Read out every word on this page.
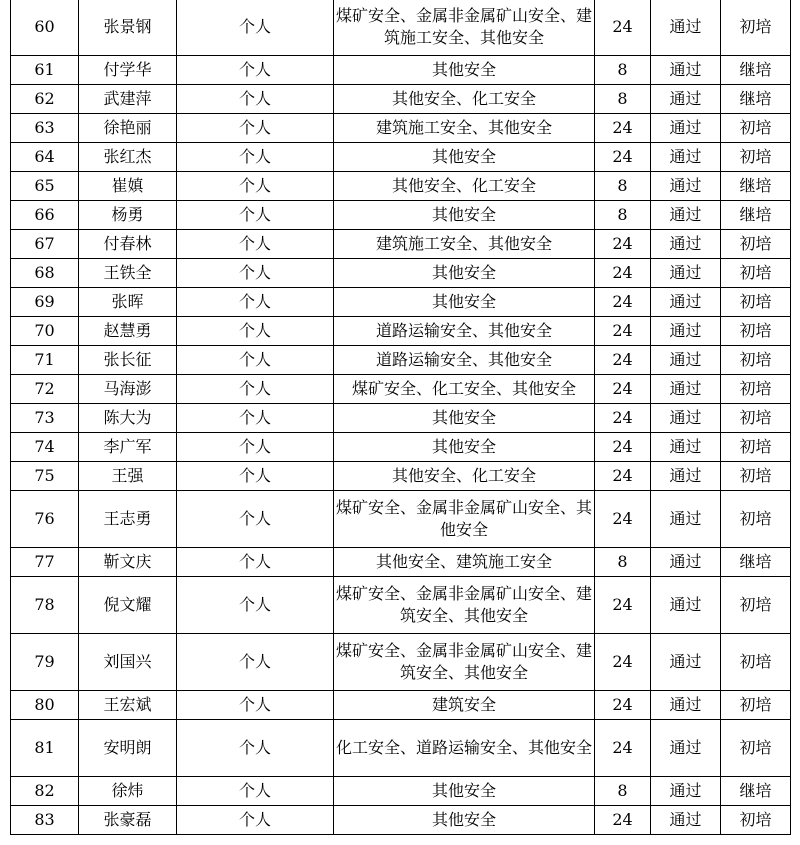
60	张景钢	个人	煤矿安全、金属非金属矿山安全、建筑施工安全、其他安全	24	通过	初培
61	付学华	个人	其他安全	8	通过	继培
62	武建萍	个人	其他安全、化工安全	8	通过	继培
63	徐艳丽	个人	建筑施工安全、其他安全	24	通过	初培
64	张红杰	个人	其他安全	24	通过	初培
65	崔嫃	个人	其他安全、化工安全	8	通过	继培
66	杨勇	个人	其他安全	8	通过	继培
67	付春林	个人	建筑施工安全、其他安全	24	通过	初培
68	王铁全	个人	其他安全	24	通过	初培
69	张晖	个人	其他安全	24	通过	初培
70	赵慧勇	个人	道路运输安全、其他安全	24	通过	初培
71	张长征	个人	道路运输安全、其他安全	24	通过	初培
72	马海澎	个人	煤矿安全、化工安全、其他安全	24	通过	初培
73	陈大为	个人	其他安全	24	通过	初培
74	李广军	个人	其他安全	24	通过	初培
75	王强	个人	其他安全、化工安全	24	通过	初培
76	王志勇	个人	煤矿安全、金属非金属矿山安全、其他安全	24	通过	初培
77	靳文庆	个人	其他安全、建筑施工安全	8	通过	继培
78	倪文耀	个人	煤矿安全、金属非金属矿山安全、建筑安全、其他安全	24	通过	初培
79	刘国兴	个人	煤矿安全、金属非金属矿山安全、建筑安全、其他安全	24	通过	初培
80	王宏斌	个人	建筑安全	24	通过	初培
81	安明朗	个人	化工安全、道路运输安全、其他安全	24	通过	初培
82	徐炜	个人	其他安全	8	通过	继培
83	张豪磊	个人	其他安全	24	通过	初培
